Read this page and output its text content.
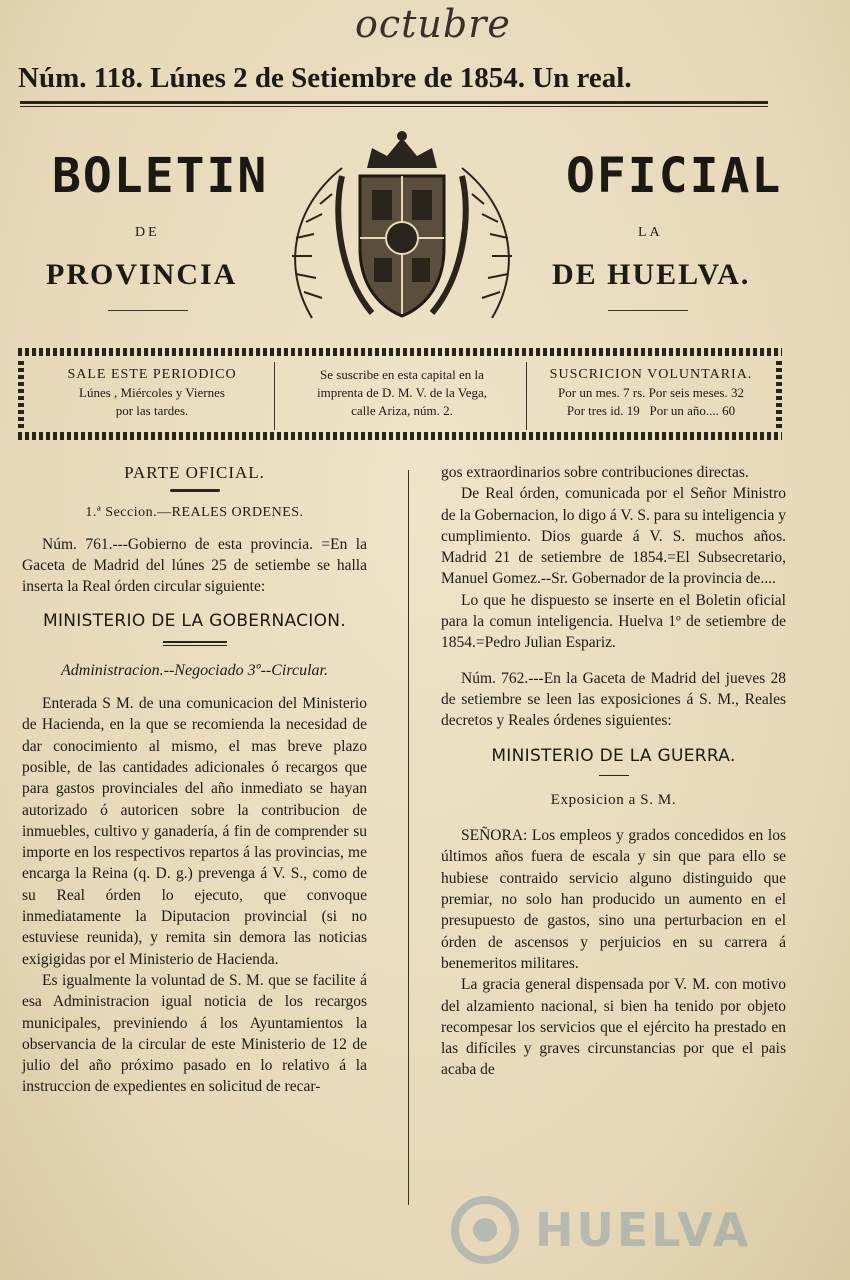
octubre
Núm. 118. Lúnes 2 de Setiembre de 1854. Un real.
BOLETIN	OFICIAL
DE	LA
PROVINCIA	DE HUELVA.
SALE ESTE PERIODICO
Lúnes , Miércoles y Viernes
por las tardes.
Se suscribe en esta capital en la
imprenta de D. M. V. de la Vega,
calle Ariza, núm. 2.
SUSCRICION VOLUNTARIA.
Por un mes. 7 rs. Por seis meses. 32
Por tres id. 19   Por un año.... 60

PARTE OFICIAL.

1.ª Seccion.—REALES ORDENES.

Núm. 761.---Gobierno de esta provincia. =En la Gaceta de Madrid del lúnes 25 de setiembe se halla inserta la Real órden circular siguiente:

MINISTERIO DE LA GOBERNACION.

Administracion.--Negociado 3º--Circular.

Enterada S M. de una comunicacion del Ministerio de Hacienda, en la que se recomienda la necesidad de dar conocimiento al mismo, el mas breve plazo posible, de las cantidades adicionales ó recargos que para gastos provinciales del año inmediato se hayan autorizado ó autoricen sobre la contribucion de inmuebles, cultivo y ganadería, á fin de comprender su importe en los respectivos repartos á las provincias, me encarga la Reina (q. D. g.) prevenga á V. S., como de su Real órden lo ejecuto, que convoque inmediatamente la Diputacion provincial (si no estuviese reunida), y remita sin demora las noticias exigigidas por el Ministerio de Hacienda.

Es igualmente la voluntad de S. M. que se facilite á esa Administracion igual noticia de los recargos municipales, previniendo á los Ayuntamientos la observancia de la circular de este Ministerio de 12 de julio del año próximo pasado en lo relativo á la instruccion de expedientes en solicitud de recar-

gos extraordinarios sobre contribuciones directas.

De Real órden, comunicada por el Señor Ministro de la Gobernacion, lo digo á V. S. para su inteligencia y cumplimiento. Dios guarde á V. S. muchos años. Madrid 21 de setiembre de 1854.=El Subsecretario, Manuel Gomez.--Sr. Gobernador de la provincia de....

Lo que he dispuesto se inserte en el Boletin oficial para la comun inteligencia. Huelva 1º de setiembre de 1854.=Pedro Julian Espariz.

Núm. 762.---En la Gaceta de Madrid del jueves 28 de setiembre se leen las exposiciones á S. M., Reales decretos y Reales órdenes siguientes:

MINISTERIO DE LA GUERRA.

Exposicion a S. M.

SEÑORA: Los empleos y grados concedidos en los últimos años fuera de escala y sin que para ello se hubiese contraido servicio alguno distinguido que premiar, no solo han producido un aumento en el presupuesto de gastos, sino una perturbacion en el órden de ascensos y perjuicios en su carrera á benemeritos militares.

La gracia general dispensada por V. M. con motivo del alzamiento nacional, si bien ha tenido por objeto recompesar los servicios que el ejército ha prestado en las difíciles y graves circunstancias por que el pais acaba de

HUELVA
